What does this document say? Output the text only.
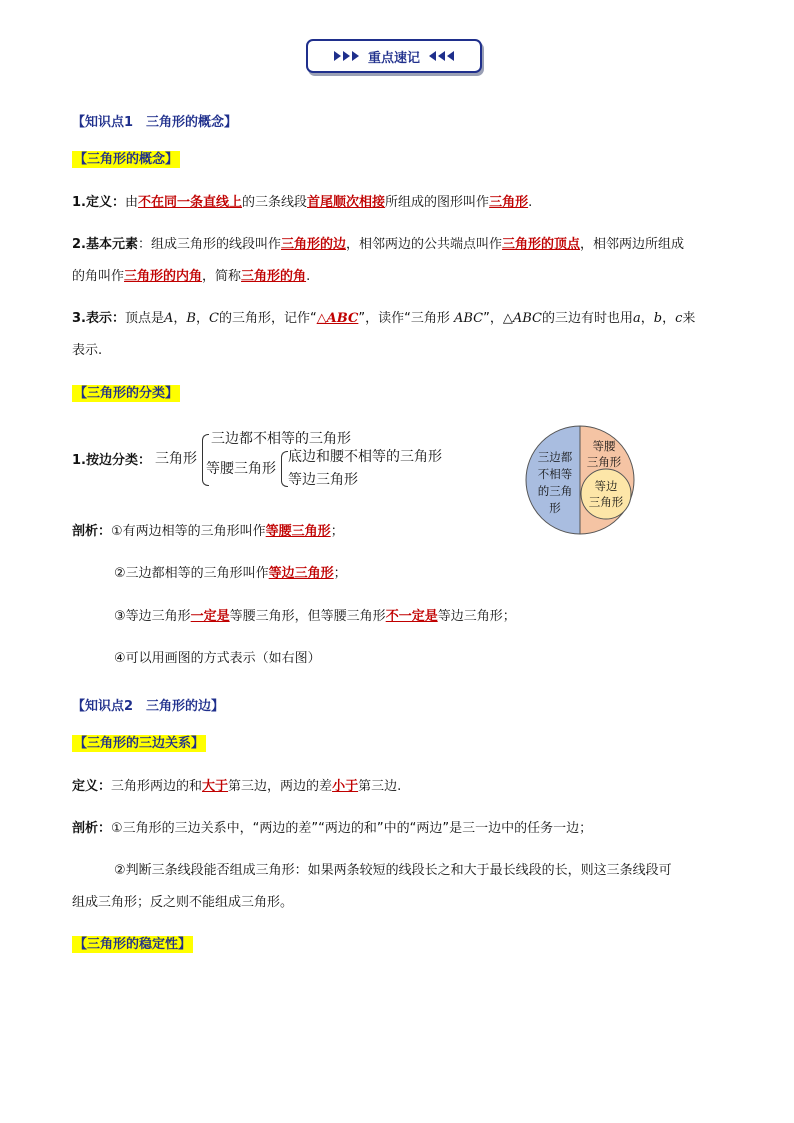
重点速记
【知识点1　三角形的概念】
【三角形的概念】
1.定义：由不在同一条直线上的三条线段首尾顺次相接所组成的图形叫作三角形.
2.基本元素：组成三角形的线段叫作三角形的边，相邻两边的公共端点叫作三角形的顶点，相邻两边所组成
的角叫作三角形的内角，简称三角形的角.
3.表示：顶点是A，B，C的三角形，记作“△ABC”，读作“三角形 ABC”，△ABC的三边有时也用a，b，c来
表示.
【三角形的分类】
1.按边分类： 三角形
三边都不相等的三角形
等腰三角形
底边和腰不相等的三角形
等边三角形
三边都
不相等
的三角
形
等腰
三角形
等边
三角形
剖析：①有两边相等的三角形叫作等腰三角形；
②三边都相等的三角形叫作等边三角形；
③等边三角形一定是等腰三角形，但等腰三角形不一定是等边三角形；
④可以用画图的方式表示（如右图）
【知识点2　三角形的边】
【三角形的三边关系】
定义：三角形两边的和大于第三边，两边的差小于第三边.
剖析：①三角形的三边关系中，“两边的差”“两边的和”中的“两边”是三一边中的任务一边；
②判断三条线段能否组成三角形：如果两条较短的线段长之和大于最长线段的长，则这三条线段可
组成三角形；反之则不能组成三角形。
【三角形的稳定性】
